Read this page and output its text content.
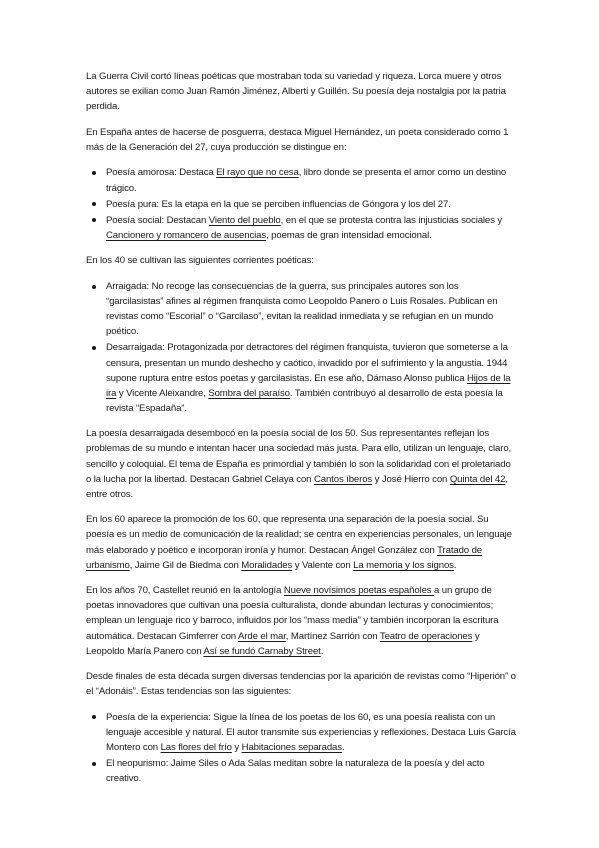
La Guerra Civil cortó líneas poéticas que mostraban toda su variedad y riqueza. Lorca muere y otros autores se exilian como Juan Ramón Jiménez, Alberti y Guillén. Su poesía deja nostalgia por la patria perdida.

En España antes de hacerse de posguerra, destaca Miguel Hernández, un poeta considerado como 1 más de la Generación del 27, cuya producción se distingue en:

Poesía amorosa: Destaca El rayo que no cesa, libro donde se presenta el amor como un destino trágico.
Poesía pura: Es la etapa en la que se perciben influencias de Góngora y los del 27.
Poesía social: Destacan Viento del pueblo, en el que se protesta contra las injusticias sociales y Cancionero y romancero de ausencias, poemas de gran intensidad emocional.

En los 40 se cultivan las siguientes corrientes poéticas:

Arraigada: No recoge las consecuencias de la guerra, sus principales autores son los “garcilasistas” afines al régimen franquista como Leopoldo Panero o Luis Rosales. Publican en revistas como “Escorial” o “Garcilaso”, evitan la realidad inmediata y se refugian en un mundo poético.
Desarraigada: Protagonizada por detractores del régimen franquista, tuvieron que someterse a la censura, presentan un mundo deshecho y caótico, invadido por el sufrimiento y la angustia. 1944 supone ruptura entre estos poetas y garcilasistas. En ese año, Dámaso Alonso publica Hijos de la ira y Vicente Aleixandre, Sombra del paraíso. También contribuyó al desarrollo de esta poesía la revista “Espadaña”.

La poesía desarraigada desembocó en la poesía social de los 50. Sus representantes reflejan los problemas de su mundo e intentan hacer una sociedad más justa. Para ello, utilizan un lenguaje, claro, sencillo y coloquial. El tema de España es primordial y también lo son la solidaridad con el proletariado o la lucha por la libertad. Destacan Gabriel Celaya con Cantos íberos y José Hierro con Quinta del 42, entre otros.

En los 60 aparece la promoción de los 60, que representa una separación de la poesía social. Su poesía es un medio de comunicación de la realidad; se centra en experiencias personales, un lenguaje más elaborado y poético e incorporan ironía y humor. Destacan Ángel González con Tratado de urbanismo, Jaime Gil de Biedma con Moralidades y Valente con La memoria y los signos.

En los años 70, Castellet reunió en la antología Nueve novísimos poetas españoles a un grupo de poetas innovadores que cultivan una poesía culturalista, donde abundan lecturas y conocimientos; emplean un lenguaje rico y barroco, influidos por los “mass media” y también incorporan la escritura automática. Destacan Gimferrer con Arde el mar, Martínez Sarrión con Teatro de operaciones y Leopoldo María Panero con Así se fundó Carnaby Street.

Desde finales de esta década surgen diversas tendencias por la aparición de revistas como “Hiperión” o el “Adonáis”. Estas tendencias son las siguientes:

Poesía de la experiencia: Sigue la línea de los poetas de los 60, es una poesía realista con un lenguaje accesible y natural. El autor transmite sus experiencias y reflexiones. Destaca Luis García Montero con Las flores del frío y Habitaciones separadas.
El neopurismo: Jaime Siles o Ada Salas meditan sobre la naturaleza de la poesía y del acto creativo.
